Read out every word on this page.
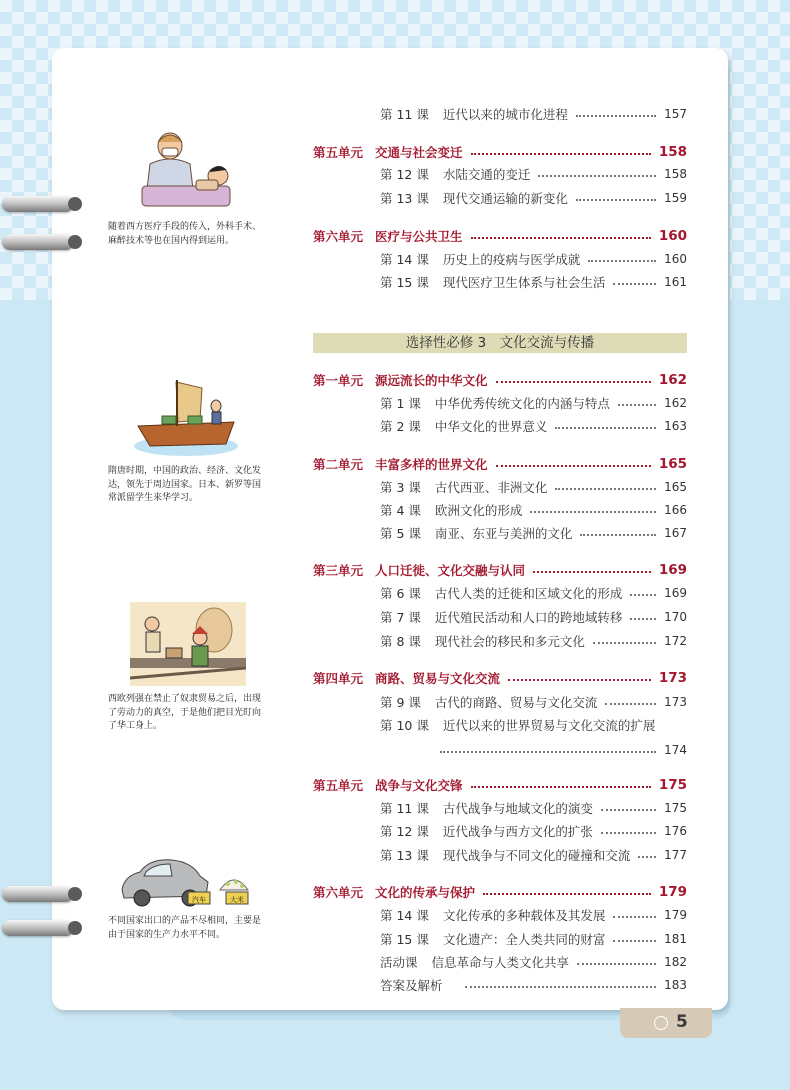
汽车	大米
随着西方医疗手段的传入，外科手术、麻醉技术等也在国内得到运用。
隋唐时期，中国的政治、经济、文化发达，领先于周边国家。日本、新罗等国常派留学生来华学习。
西欧列强在禁止了奴隶贸易之后，出现了劳动力的真空，于是他们把目光盯向了华工身上。
不同国家出口的产品不尽相同，主要是由于国家的生产力水平不同。
第 11 课 近代以来的城市化进程	157
第五单元 交通与社会变迁	158
第 12 课 水陆交通的变迁	158
第 13 课 现代交通运输的新变化	159
第六单元 医疗与公共卫生	160
第 14 课 历史上的疫病与医学成就	160
第 15 课 现代医疗卫生体系与社会生活	161
选择性必修 3　文化交流与传播
第一单元 源远流长的中华文化	162
第 1 课 中华优秀传统文化的内涵与特点	162
第 2 课 中华文化的世界意义	163
第二单元 丰富多样的世界文化	165
第 3 课 古代西亚、非洲文化	165
第 4 课 欧洲文化的形成	166
第 5 课 南亚、东亚与美洲的文化	167
第三单元 人口迁徙、文化交融与认同	169
第 6 课 古代人类的迁徙和区域文化的形成	169
第 7 课 近代殖民活动和人口的跨地域转移	170
第 8 课 现代社会的移民和多元文化	172
第四单元 商路、贸易与文化交流	173
第 9 课 古代的商路、贸易与文化交流	173
第 10 课 近代以来的世界贸易与文化交流的扩展
174
第五单元 战争与文化交锋	175
第 11 课 古代战争与地域文化的演变	175
第 12 课 近代战争与西方文化的扩张	176
第 13 课 现代战争与不同文化的碰撞和交流	177
第六单元 文化的传承与保护	179
第 14 课 文化传承的多种载体及其发展	179
第 15 课 文化遗产：全人类共同的财富	181
活动课 信息革命与人类文化共享	182
答案及解析	183
5
